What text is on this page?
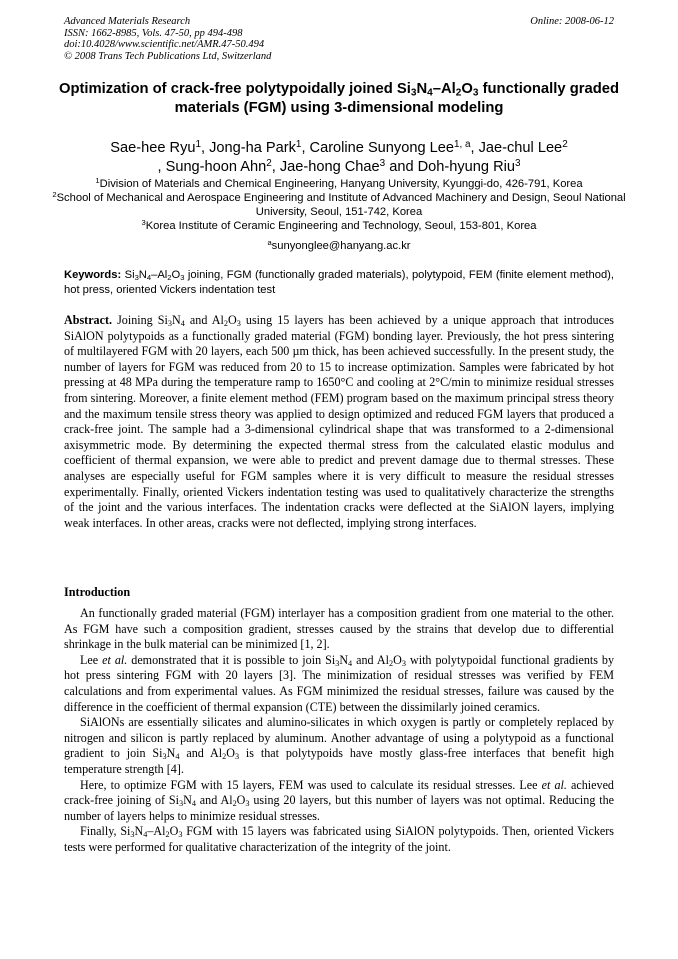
Advanced Materials Research
ISSN: 1662-8985, Vols. 47-50, pp 494-498
doi:10.4028/www.scientific.net/AMR.47-50.494
© 2008 Trans Tech Publications Ltd, Switzerland
Online: 2008-06-12
Optimization of crack-free polytypoidally joined $Si_3N_4-Al_2O_3$ functionally graded materials (FGM) using 3-dimensional modeling
Sae-hee Ryu$^1$, Jong-ha Park$^1$, Caroline Sunyong Lee$^{1, a}$, Jae-chul Lee$^2$
, Sung-hoon Ahn$^2$, Jae-hong Chae$^3$ and Doh-hyung Riu$^3$
$^1$Division of Materials and Chemical Engineering, Hanyang University, Kyunggi-do, 426-791, Korea
$^2$School of Mechanical and Aerospace Engineering and Institute of Advanced Machinery and Design, Seoul National University, Seoul, 151-742, Korea
$^3$Korea Institute of Ceramic Engineering and Technology, Seoul, 153-801, Korea
$^a$sunyonglee@hanyang.ac.kr
Keywords: $Si_3N_4-Al_2O_3$ joining, FGM (functionally graded materials), polytypoid, FEM (finite element method), hot press, oriented Vickers indentation test
Abstract. Joining $Si_3N_4$ and $Al_2O_3$ using 15 layers has been achieved by a unique approach that introduces SiAlON polytypoids as a functionally graded material (FGM) bonding layer. Previously, the hot press sintering of multilayered FGM with 20 layers, each 500 µm thick, has been achieved successfully. In the present study, the number of layers for FGM was reduced from 20 to 15 to increase optimization. Samples were fabricated by hot pressing at 48 MPa during the temperature ramp to 1650°C and cooling at 2°C/min to minimize residual stresses from sintering. Moreover, a finite element method (FEM) program based on the maximum principal stress theory and the maximum tensile stress theory was applied to design optimized and reduced FGM layers that produced a crack-free joint. The sample had a 3-dimensional cylindrical shape that was transformed to a 2-dimensional axisymmetric mode. By determining the expected thermal stress from the calculated elastic modulus and coefficient of thermal expansion, we were able to predict and prevent damage due to thermal stresses. These analyses are especially useful for FGM samples where it is very difficult to measure the residual stresses experimentally. Finally, oriented Vickers indentation testing was used to qualitatively characterize the strengths of the joint and the various interfaces. The indentation cracks were deflected at the SiAlON layers, implying weak interfaces. In other areas, cracks were not deflected, implying strong interfaces.
Introduction

An functionally graded material (FGM) interlayer has a composition gradient from one material to the other. As FGM have such a composition gradient, stresses caused by the strains that develop due to differential shrinkage in the bulk material can be minimized [1, 2].

Lee et al. demonstrated that it is possible to join $Si_3N_4$ and $Al_2O_3$ with polytypoidal functional gradients by hot press sintering FGM with 20 layers [3]. The minimization of residual stresses was verified by FEM calculations and from experimental values. As FGM minimized the residual stresses, failure was caused by the difference in the coefficient of thermal expansion (CTE) between the dissimilarly joined ceramics.

SiAlONs are essentially silicates and alumino-silicates in which oxygen is partly or completely replaced by nitrogen and silicon is partly replaced by aluminum. Another advantage of using a polytypoid as a functional gradient to join $Si_3N_4$ and $Al_2O_3$ is that polytypoids have mostly glass-free interfaces that benefit high temperature strength [4].

Here, to optimize FGM with 15 layers, FEM was used to calculate its residual stresses. Lee et al. achieved crack-free joining of $Si_3N_4$ and $Al_2O_3$ using 20 layers, but this number of layers was not optimal. Reducing the number of layers helps to minimize residual stresses.

Finally, $Si_3N_4-Al_2O_3$ FGM with 15 layers was fabricated using SiAlON polytypoids. Then, oriented Vickers tests were performed for qualitative characterization of the integrity of the joint.
